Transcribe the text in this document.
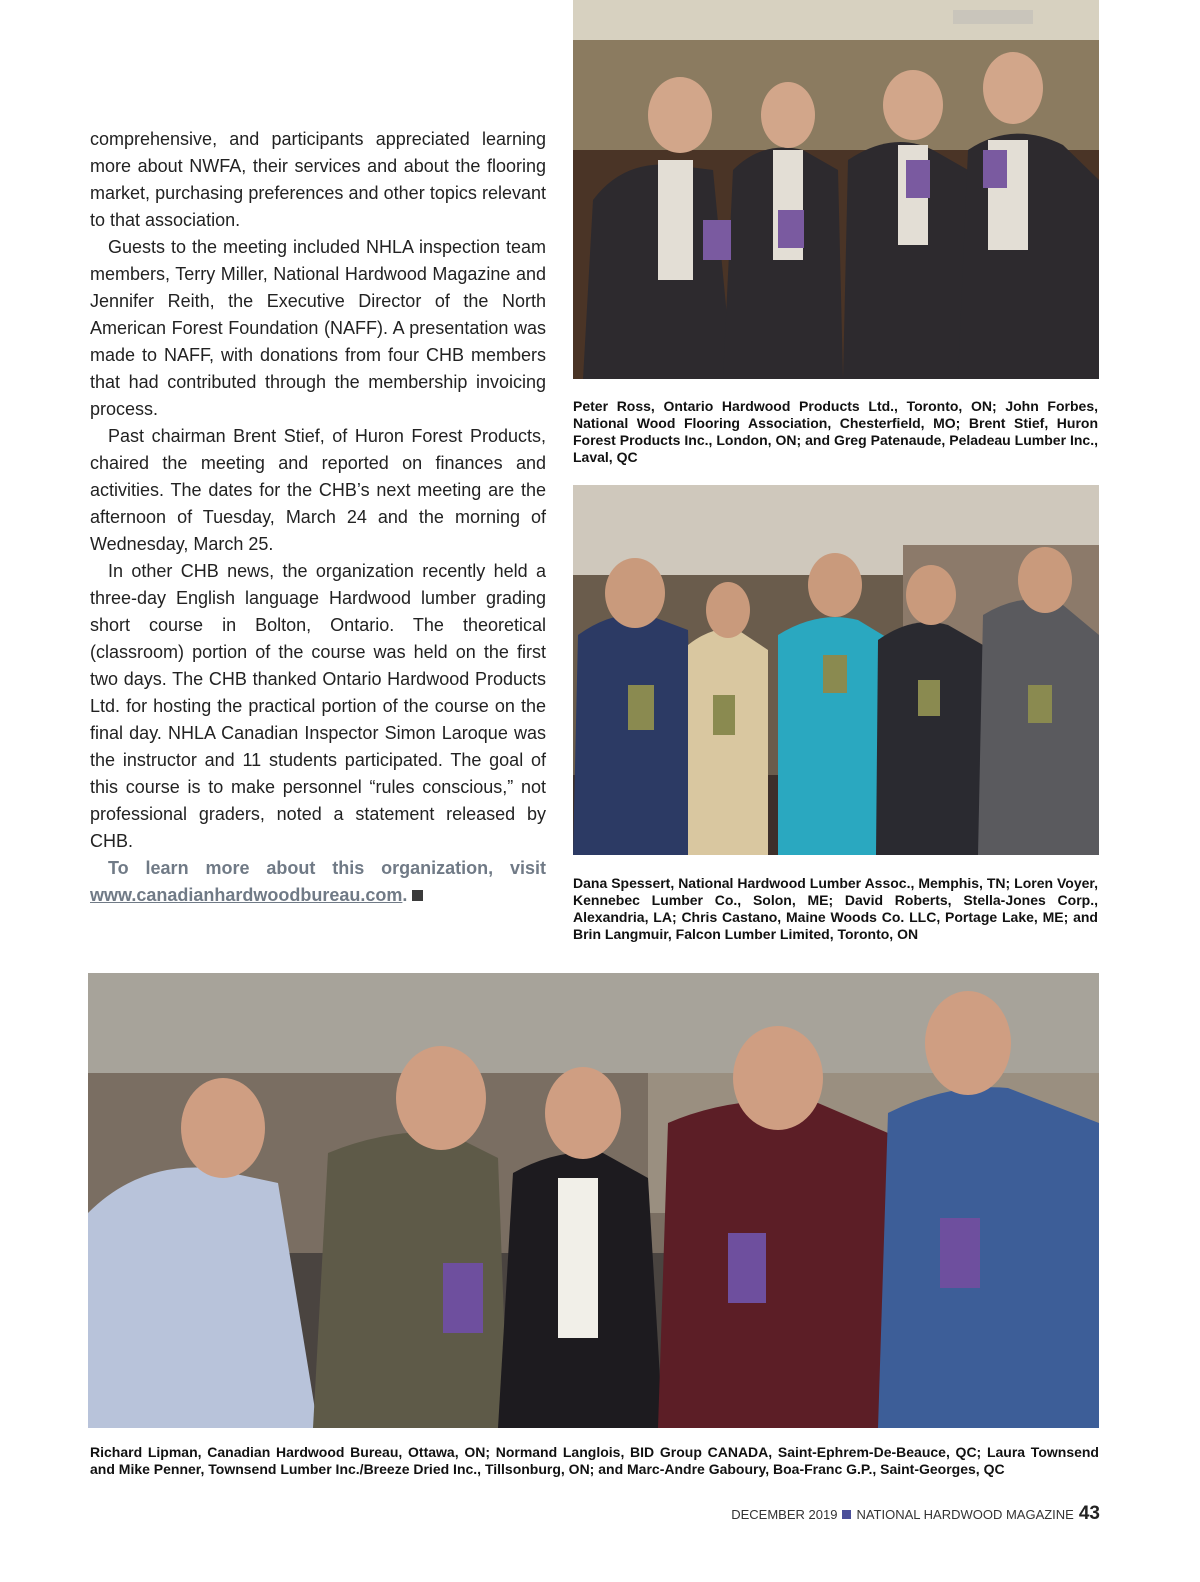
comprehensive, and participants appreciated learning more about NWFA, their services and about the flooring market, purchasing preferences and other topics relevant to that association.

Guests to the meeting included NHLA inspection team members, Terry Miller, National Hardwood Magazine and Jennifer Reith, the Executive Director of the North American Forest Foundation (NAFF). A presentation was made to NAFF, with donations from four CHB members that had contributed through the membership invoicing process.

Past chairman Brent Stief, of Huron Forest Products, chaired the meeting and reported on finances and activities. The dates for the CHB’s next meeting are the afternoon of Tuesday, March 24 and the morning of Wednesday, March 25.

In other CHB news, the organization recently held a three-day English language Hardwood lumber grading short course in Bolton, Ontario. The theoretical (classroom) portion of the course was held on the first two days. The CHB thanked Ontario Hardwood Products Ltd. for hosting the practical portion of the course on the final day. NHLA Canadian Inspector Simon Laroque was the instructor and 11 students participated. The goal of this course is to make personnel “rules conscious,” not professional graders, noted a statement released by CHB.

To learn more about this organization, visit www.canadianhardwoodbureau.com.

Peter Ross, Ontario Hardwood Products Ltd., Toronto, ON; John Forbes, National Wood Flooring Association, Chesterfield, MO; Brent Stief, Huron Forest Products Inc., London, ON; and Greg Patenaude, Peladeau Lumber Inc., Laval, QC
Dana Spessert, National Hardwood Lumber Assoc., Memphis, TN; Loren Voyer, Kennebec Lumber Co., Solon, ME; David Roberts, Stella-Jones Corp., Alexandria, LA; Chris Castano, Maine Woods Co. LLC, Portage Lake, ME; and Brin Langmuir, Falcon Lumber Limited, Toronto, ON
Richard Lipman, Canadian Hardwood Bureau, Ottawa, ON; Normand Langlois, BID Group CANADA, Saint-Ephrem-De-Beauce, QC; Laura Townsend and Mike Penner, Townsend Lumber Inc./Breeze Dried Inc., Tillsonburg, ON; and Marc-Andre Gaboury, Boa-Franc G.P., Saint-Georges, QC
DECEMBER 2019 NATIONAL HARDWOOD MAGAZINE 43
